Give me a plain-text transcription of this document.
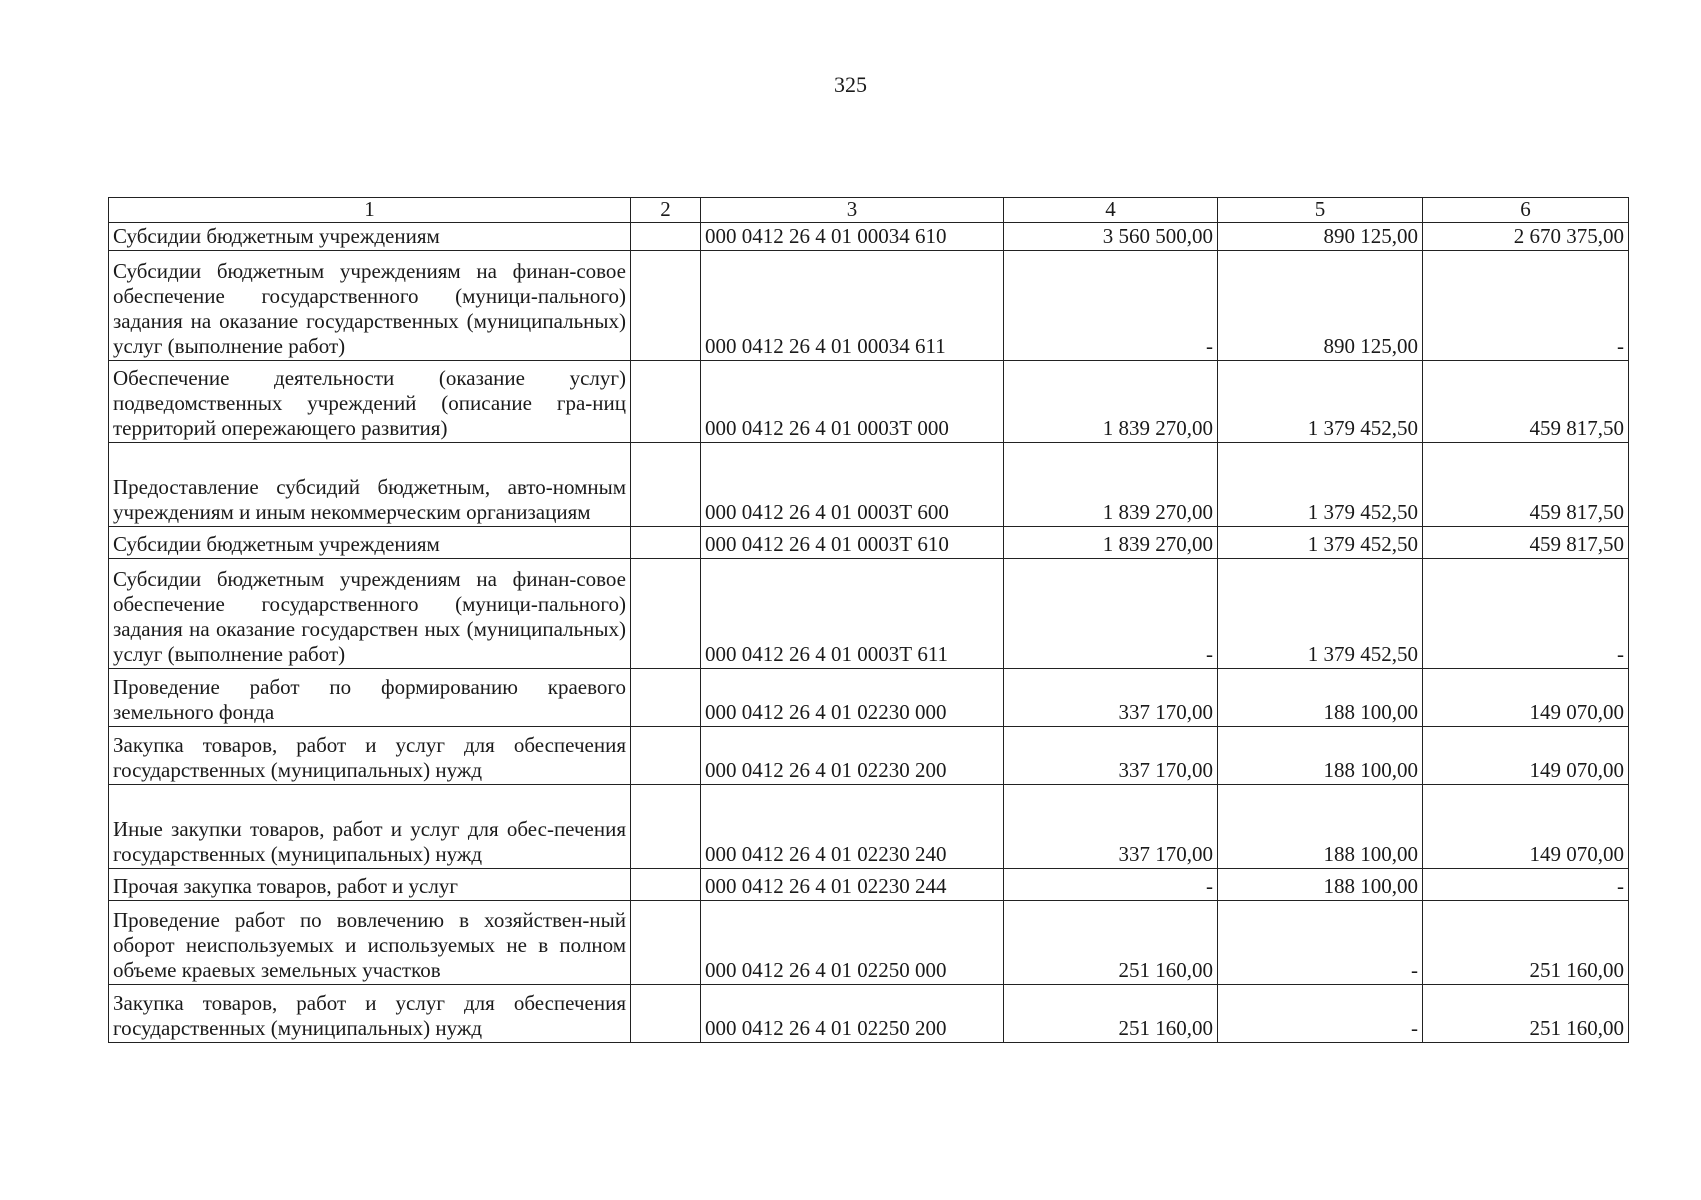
325
1	2	3	4	5	6
Субсидии бюджетным учреждениям		000 0412 26 4 01 00034 610	3 560 500,00	890 125,00	2 670 375,00
Субсидии бюджетным учреждениям на финан-совое обеспечение государственного (муници-пального) задания на оказание государственных (муниципальных) услуг (выполнение работ)		000 0412 26 4 01 00034 611	-	890 125,00	-
Обеспечение деятельности (оказание услуг) подведомственных учреждений (описание гра-ниц территорий опережающего развития)		000 0412 26 4 01 0003Т 000	1 839 270,00	1 379 452,50	459 817,50
Предоставление субсидий бюджетным, авто-номным учреждениям и иным некоммерческим организациям		000 0412 26 4 01 0003Т 600	1 839 270,00	1 379 452,50	459 817,50
Субсидии бюджетным учреждениям		000 0412 26 4 01 0003Т 610	1 839 270,00	1 379 452,50	459 817,50
Субсидии бюджетным учреждениям на финан-совое обеспечение государственного (муници-пального) задания на оказание государствен ных (муниципальных) услуг (выполнение работ)		000 0412 26 4 01 0003Т 611	-	1 379 452,50	-
Проведение работ по формированию краевого земельного фонда		000 0412 26 4 01 02230 000	337 170,00	188 100,00	149 070,00
Закупка товаров, работ и услуг для обеспечения государственных (муниципальных) нужд		000 0412 26 4 01 02230 200	337 170,00	188 100,00	149 070,00
Иные закупки товаров, работ и услуг для обес-печения государственных (муниципальных) нужд		000 0412 26 4 01 02230 240	337 170,00	188 100,00	149 070,00
Прочая закупка товаров, работ и услуг		000 0412 26 4 01 02230 244	-	188 100,00	-
Проведение работ по вовлечению в хозяйствен-ный оборот неиспользуемых и используемых не в полном объеме краевых земельных участков		000 0412 26 4 01 02250 000	251 160,00	-	251 160,00
Закупка товаров, работ и услуг для обеспечения государственных (муниципальных) нужд		000 0412 26 4 01 02250 200	251 160,00	-	251 160,00
